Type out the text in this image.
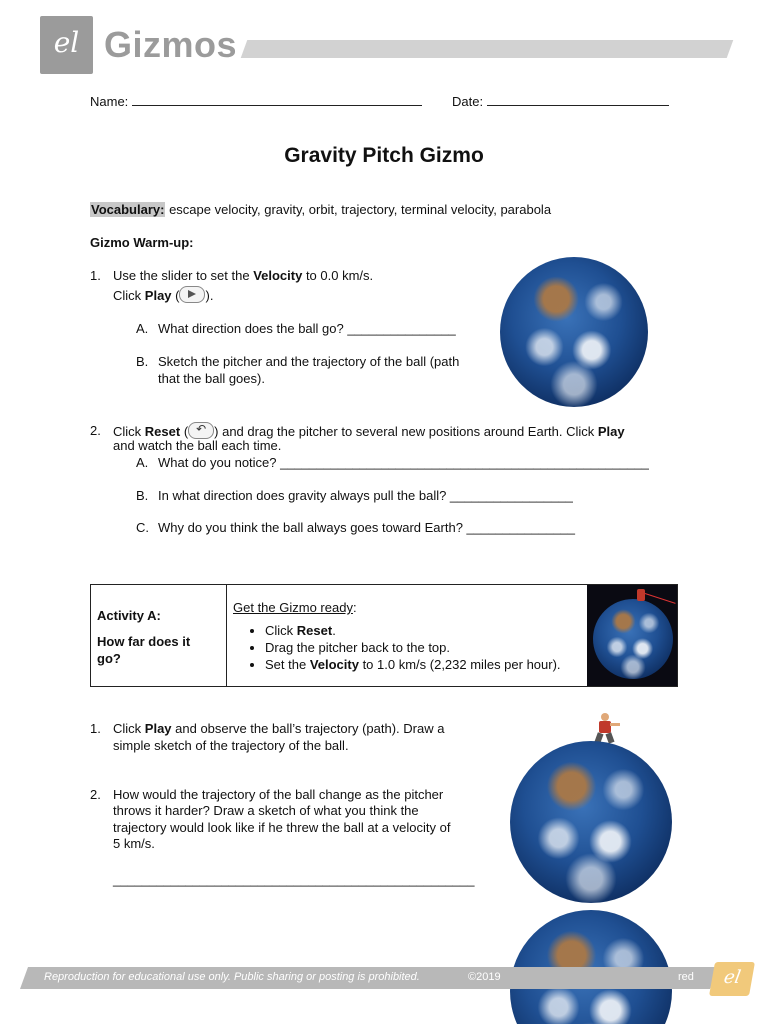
el Gizmos
Name:	Date:
Gravity Pitch Gizmo
Vocabulary: escape velocity, gravity, orbit, trajectory, terminal velocity, parabola
Gizmo Warm-up:
1. Use the slider to set the Velocity to 0.0 km/s.
Click Play ( ).
A. What direction does the ball go? _______________
B. Sketch the pitcher and the trajectory of the ball (path
that the ball goes).
2. Click Reset ( ↶ ) and drag the pitcher to several new positions around Earth. Click Play
and watch the ball each time.
A. What do you notice? ___________________________________________________
B. In what direction does gravity always pull the ball? _________________
C. Why do you think the ball always goes toward Earth? _______________
Activity A:
How far does it go?
Get the Gizmo ready:
• Click Reset.
• Drag the pitcher back to the top.
• Set the Velocity to 1.0 km/s (2,232 miles per hour).
1. Click Play and observe the ball’s trajectory (path). Draw a
simple sketch of the trajectory of the ball.
2. How would the trajectory of the ball change as the pitcher
throws it harder? Draw a sketch of what you think the
trajectory would look like if he threw the ball at a velocity of
5 km/s.
__________________________________________________
Reproduction for educational use only. Public sharing or posting is prohibited.	©2019	red	el
